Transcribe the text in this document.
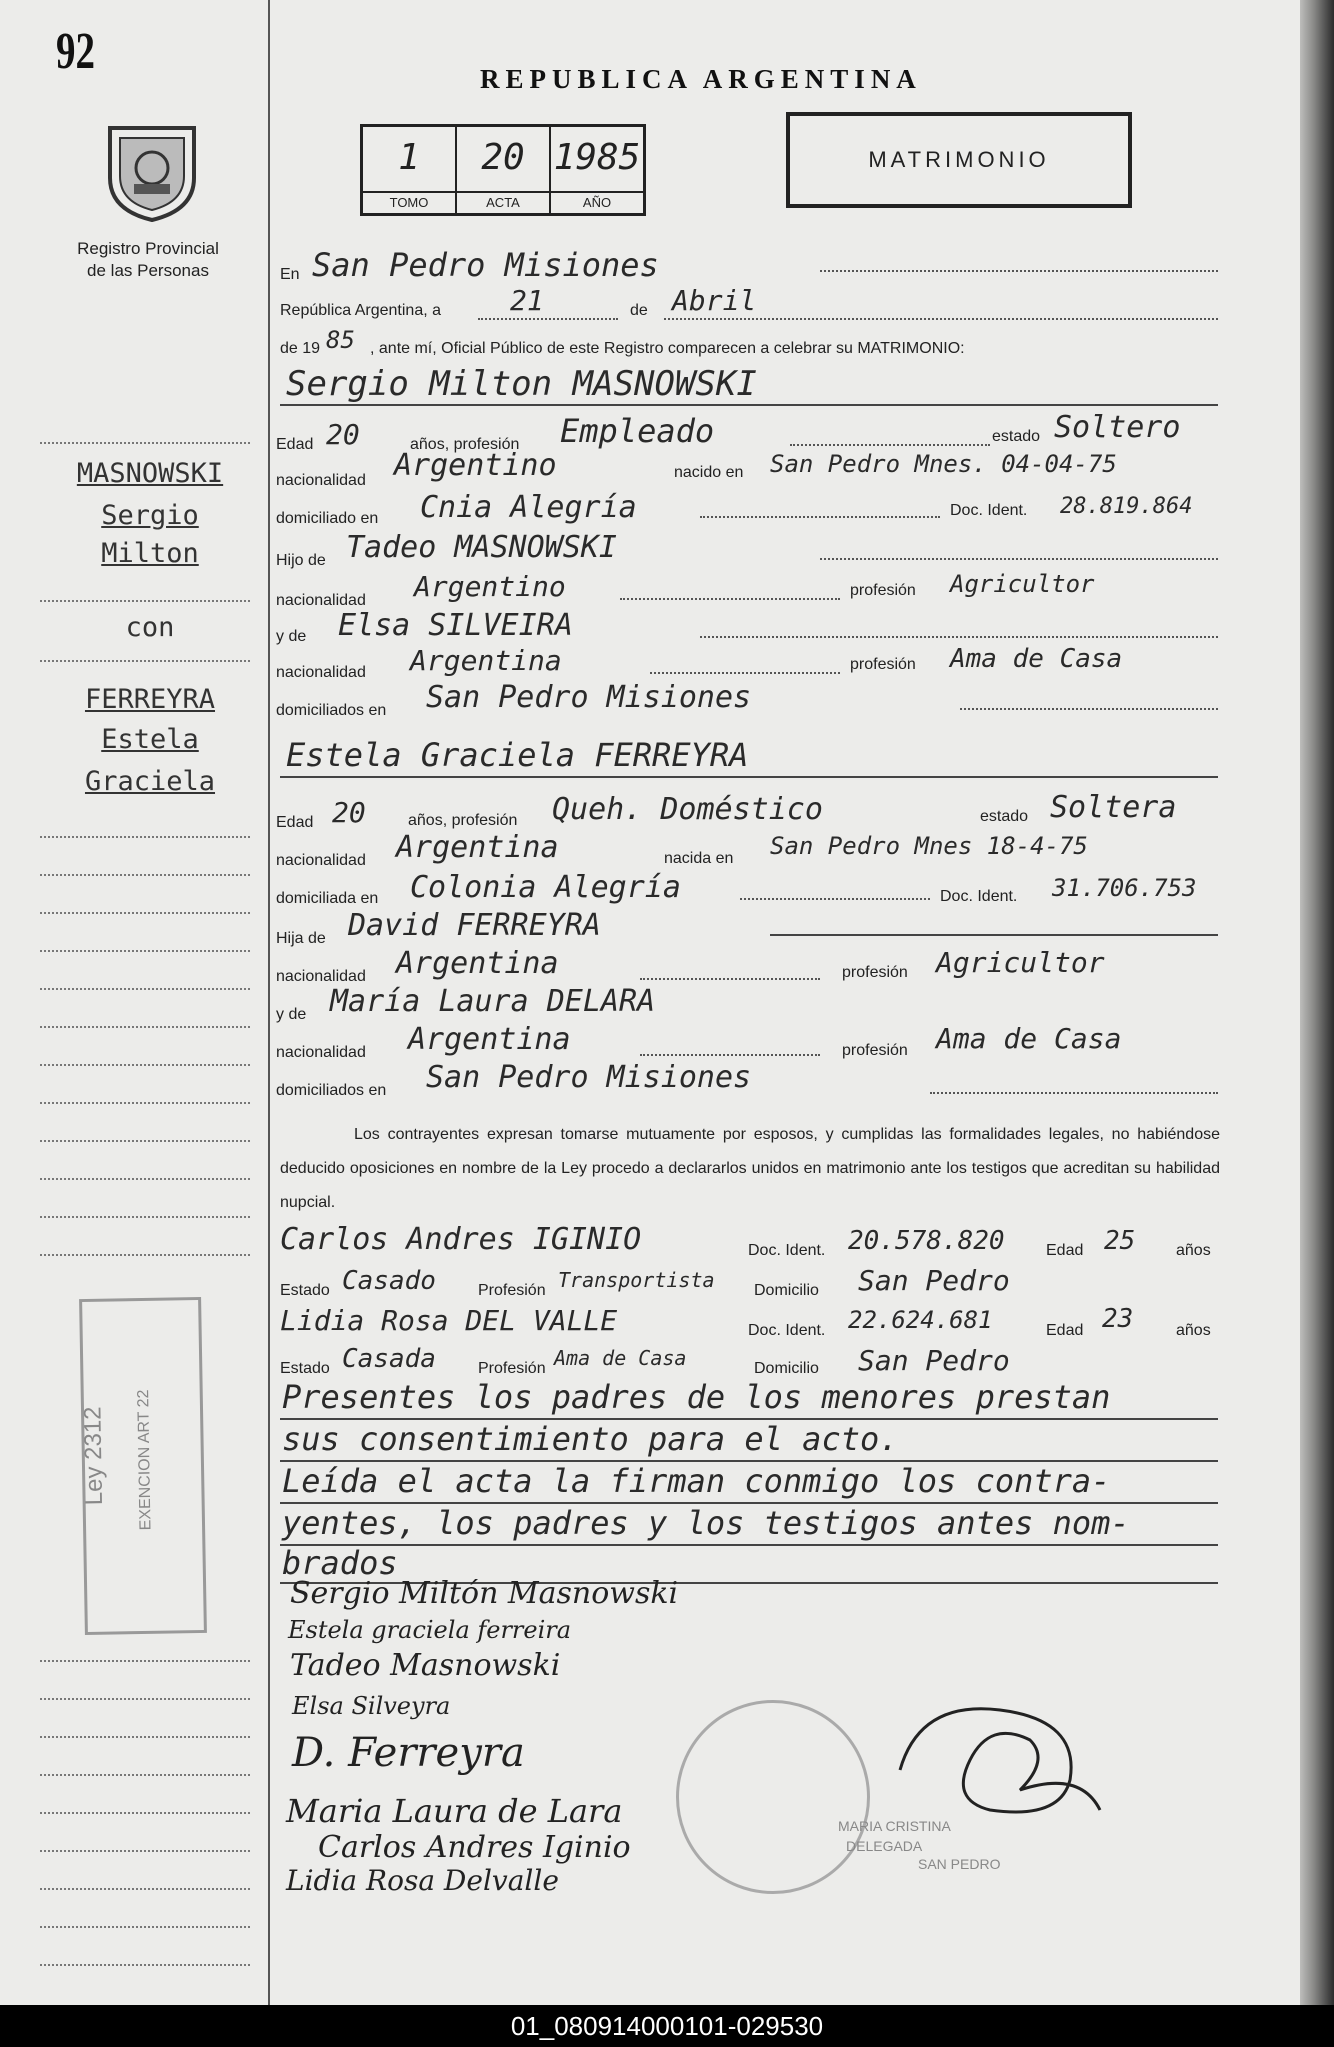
92
Registro Provincial
de las Personas
REPUBLICA ARGENTINA
1
TOMO
20
ACTA
1985
AÑO
MATRIMONIO
En San Pedro Misiones
República Argentina, a 21	de Abril
de 19 85 , ante mí, Oficial Público de este Registro comparecen a celebrar su MATRIMONIO:
Sergio Milton MASNOWSKI
Edad 20	años, profesión Empleado	estado Soltero
nacionalidad Argentino	nacido en San Pedro Mnes. 04-04-75
domiciliado en Cnia Alegría	Doc. Ident. 28.819.864
Hijo de Tadeo MASNOWSKI
nacionalidad Argentino	profesión Agricultor
y de Elsa SILVEIRA
nacionalidad Argentina	profesión Ama de Casa
domiciliados en San Pedro Misiones
Estela Graciela FERREYRA
Edad 20	años, profesión Queh. Doméstico	estado Soltera
nacionalidad Argentina	nacida en San Pedro Mnes 18-4-75
domiciliada en Colonia Alegría	Doc. Ident. 31.706.753
Hija de David FERREYRA
nacionalidad Argentina	profesión Agricultor
y de María Laura DELARA
nacionalidad Argentina	profesión Ama de Casa
domiciliados en San Pedro Misiones
Los contrayentes expresan tomarse mutuamente por esposos, y cumplidas las formalidades legales, no habiéndose deducido oposiciones en nombre de la Ley procedo a declararlos unidos en matrimonio ante los testigos que acreditan su habilidad nupcial.
Carlos Andres IGINIO	Doc. Ident. 20.578.820	Edad 25	años
Estado Casado	Profesión Transportista Domicilio San Pedro
Lidia Rosa DEL VALLE	Doc. Ident. 22.624.681	Edad 23	años
Estado Casada	Profesión Ama de Casa	Domicilio San Pedro
Presentes los padres de los menores prestan
sus consentimiento para el acto.
Leída el acta la firman conmigo los contra-
yentes, los padres y los testigos antes nom-
brados
Sergio Miltón Masnowski
Estela graciela ferreira
Tadeo Masnowski
Elsa Silveyra
D. Ferreyra
Maria Laura de Lara
Carlos Andres Iginio
Lidia Rosa Delvalle
MARIA CRISTINA
DELEGADA
SAN PEDRO
MASNOWSKI
Sergio
Milton
con
FERREYRA
Estela
Graciela
Ley 2312 EXENCION ART 22
01_080914000101-029530
